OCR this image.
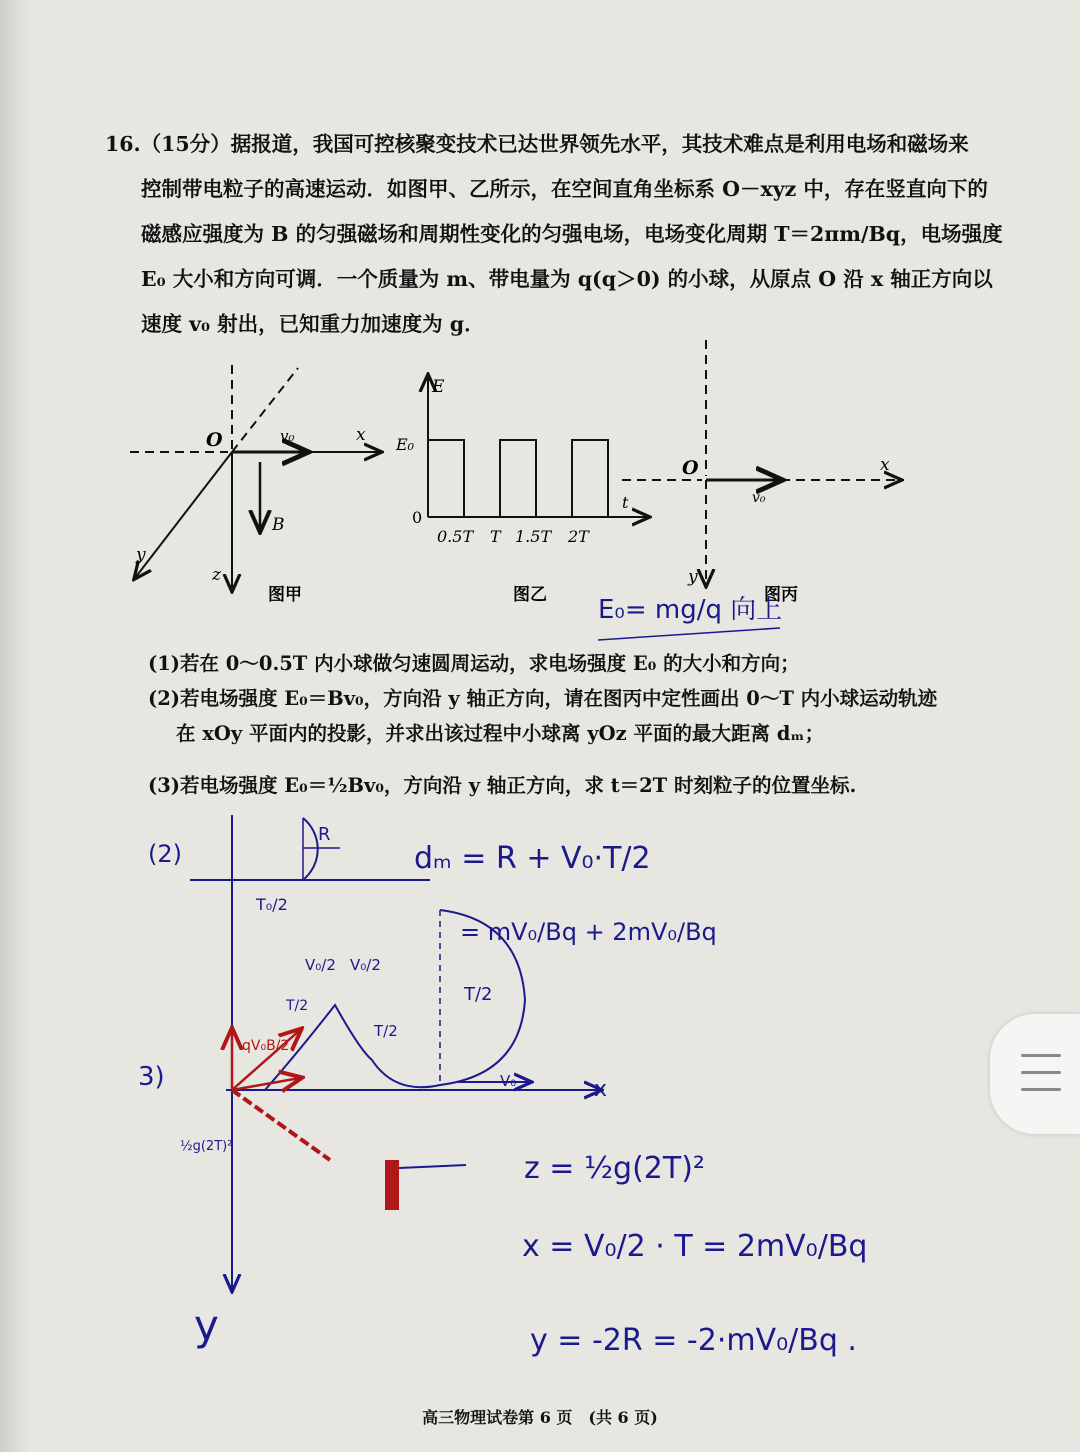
16.（15分）据报道，我国可控核聚变技术已达世界领先水平，其技术难点是利用电场和磁场来
控制带电粒子的高速运动．如图甲、乙所示，在空间直角坐标系 O－xyz 中，存在竖直向下的
磁感应强度为 B 的匀强磁场和周期性变化的匀强电场，电场变化周期 T＝2πm/Bq，电场强度
E₀ 大小和方向可调．一个质量为 m、带电量为 q(q＞0) 的小球，从原点 O 沿 x 轴正方向以
速度 v₀ 射出，已知重力加速度为 g．
O	v₀	x
B
y
z
图甲
E
E₀
0
t
0.5T T 1.5T 2T
图乙
O
v₀
x
y
图丙
E₀= mg/q 向上
(2)
3)
R
T₀/2
dₘ = R + V₀·T/2
= mV₀/Bq + 2mV₀/Bq
T/2
V₀/2 V₀/2
T/2
T/2
qV₀B/2
V₀	x
y
½g(2T)²
z = ½g(2T)²
x = V₀/2 · T = 2mV₀/Bq
y = -2R = -2·mV₀/Bq .
(1)若在 0～0.5T 内小球做匀速圆周运动，求电场强度 E₀ 的大小和方向；
(2)若电场强度 E₀＝Bv₀，方向沿 y 轴正方向，请在图丙中定性画出 0～T 内小球运动轨迹
在 xOy 平面内的投影，并求出该过程中小球离 yOz 平面的最大距离 dₘ；
(3)若电场强度 E₀＝½Bv₀，方向沿 y 轴正方向，求 t＝2T 时刻粒子的位置坐标.
高三物理试卷第 6 页　(共 6 页)
